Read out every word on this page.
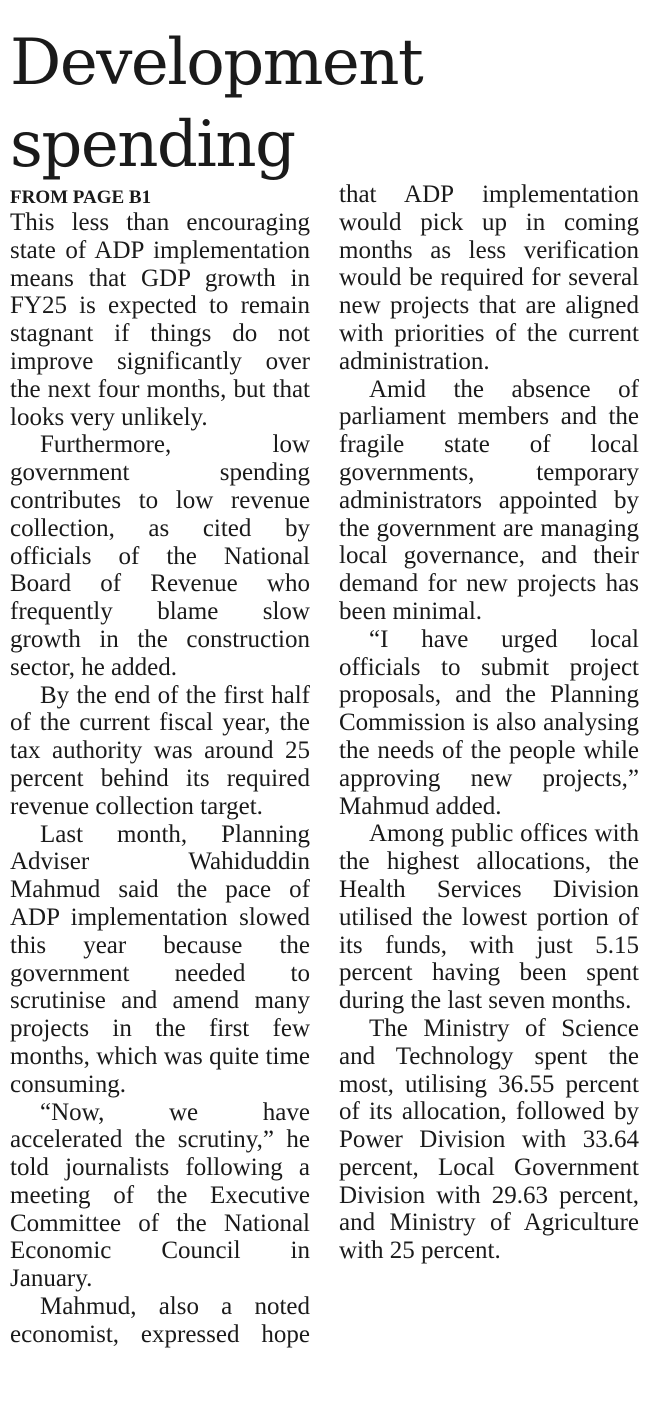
Development
spending
FROM PAGE B1

This less than encouraging state of ADP implementation means that GDP growth in FY25 is expected to remain stagnant if things do not improve significantly over the next four months, but that looks very unlikely.

Furthermore, low government spending contributes to low revenue collection, as cited by officials of the National Board of Revenue who frequently blame slow growth in the construction sector, he added.

By the end of the first half of the current fiscal year, the tax authority was around 25 percent behind its required revenue collection target.

Last month, Planning Adviser Wahiduddin Mahmud said the pace of ADP implementation slowed this year because the government needed to scrutinise and amend many projects in the first few months, which was quite time consuming.

“Now, we have accelerated the scrutiny,” he told journalists following a meeting of the Executive Committee of the National Economic Council in January.

Mahmud, also a noted economist, expressed hope

that ADP implementation would pick up in coming months as less verification would be required for several new projects that are aligned with priorities of the current administration.

Amid the absence of parliament members and the fragile state of local governments, temporary administrators appointed by the government are managing local governance, and their demand for new projects has been minimal.

“I have urged local officials to submit project proposals, and the Planning Commission is also analysing the needs of the people while approving new projects,” Mahmud added.

Among public offices with the highest allocations, the Health Services Division utilised the lowest portion of its funds, with just 5.15 percent having been spent during the last seven months.

The Ministry of Science and Technology spent the most, utilising 36.55 percent of its allocation, followed by Power Division with 33.64 percent, Local Government Division with 29.63 percent, and Ministry of Agriculture with 25 percent.
